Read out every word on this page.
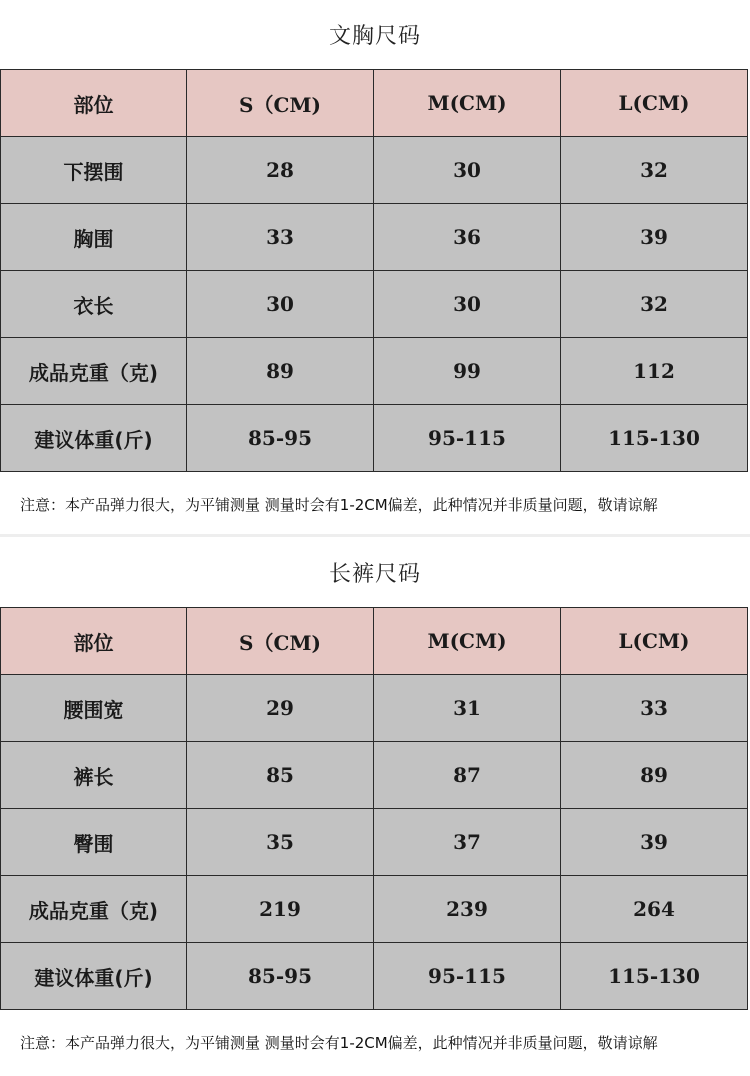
文胸尺码
部位	S（CM)	M(CM)	L(CM)
下摆围	28	30	32
胸围	33	36	39
衣长	30	30	32
成品克重（克)	89	99	112
建议体重(斤)	85-95	95-115	115-130
注意：本产品弹力很大，为平铺测量 测量时会有1-2CM偏差，此种情况并非质量问题，敬请谅解
长裤尺码
部位	S（CM)	M(CM)	L(CM)
腰围宽	29	31	33
裤长	85	87	89
臀围	35	37	39
成品克重（克)	219	239	264
建议体重(斤)	85-95	95-115	115-130
注意：本产品弹力很大，为平铺测量 测量时会有1-2CM偏差，此种情况并非质量问题，敬请谅解
